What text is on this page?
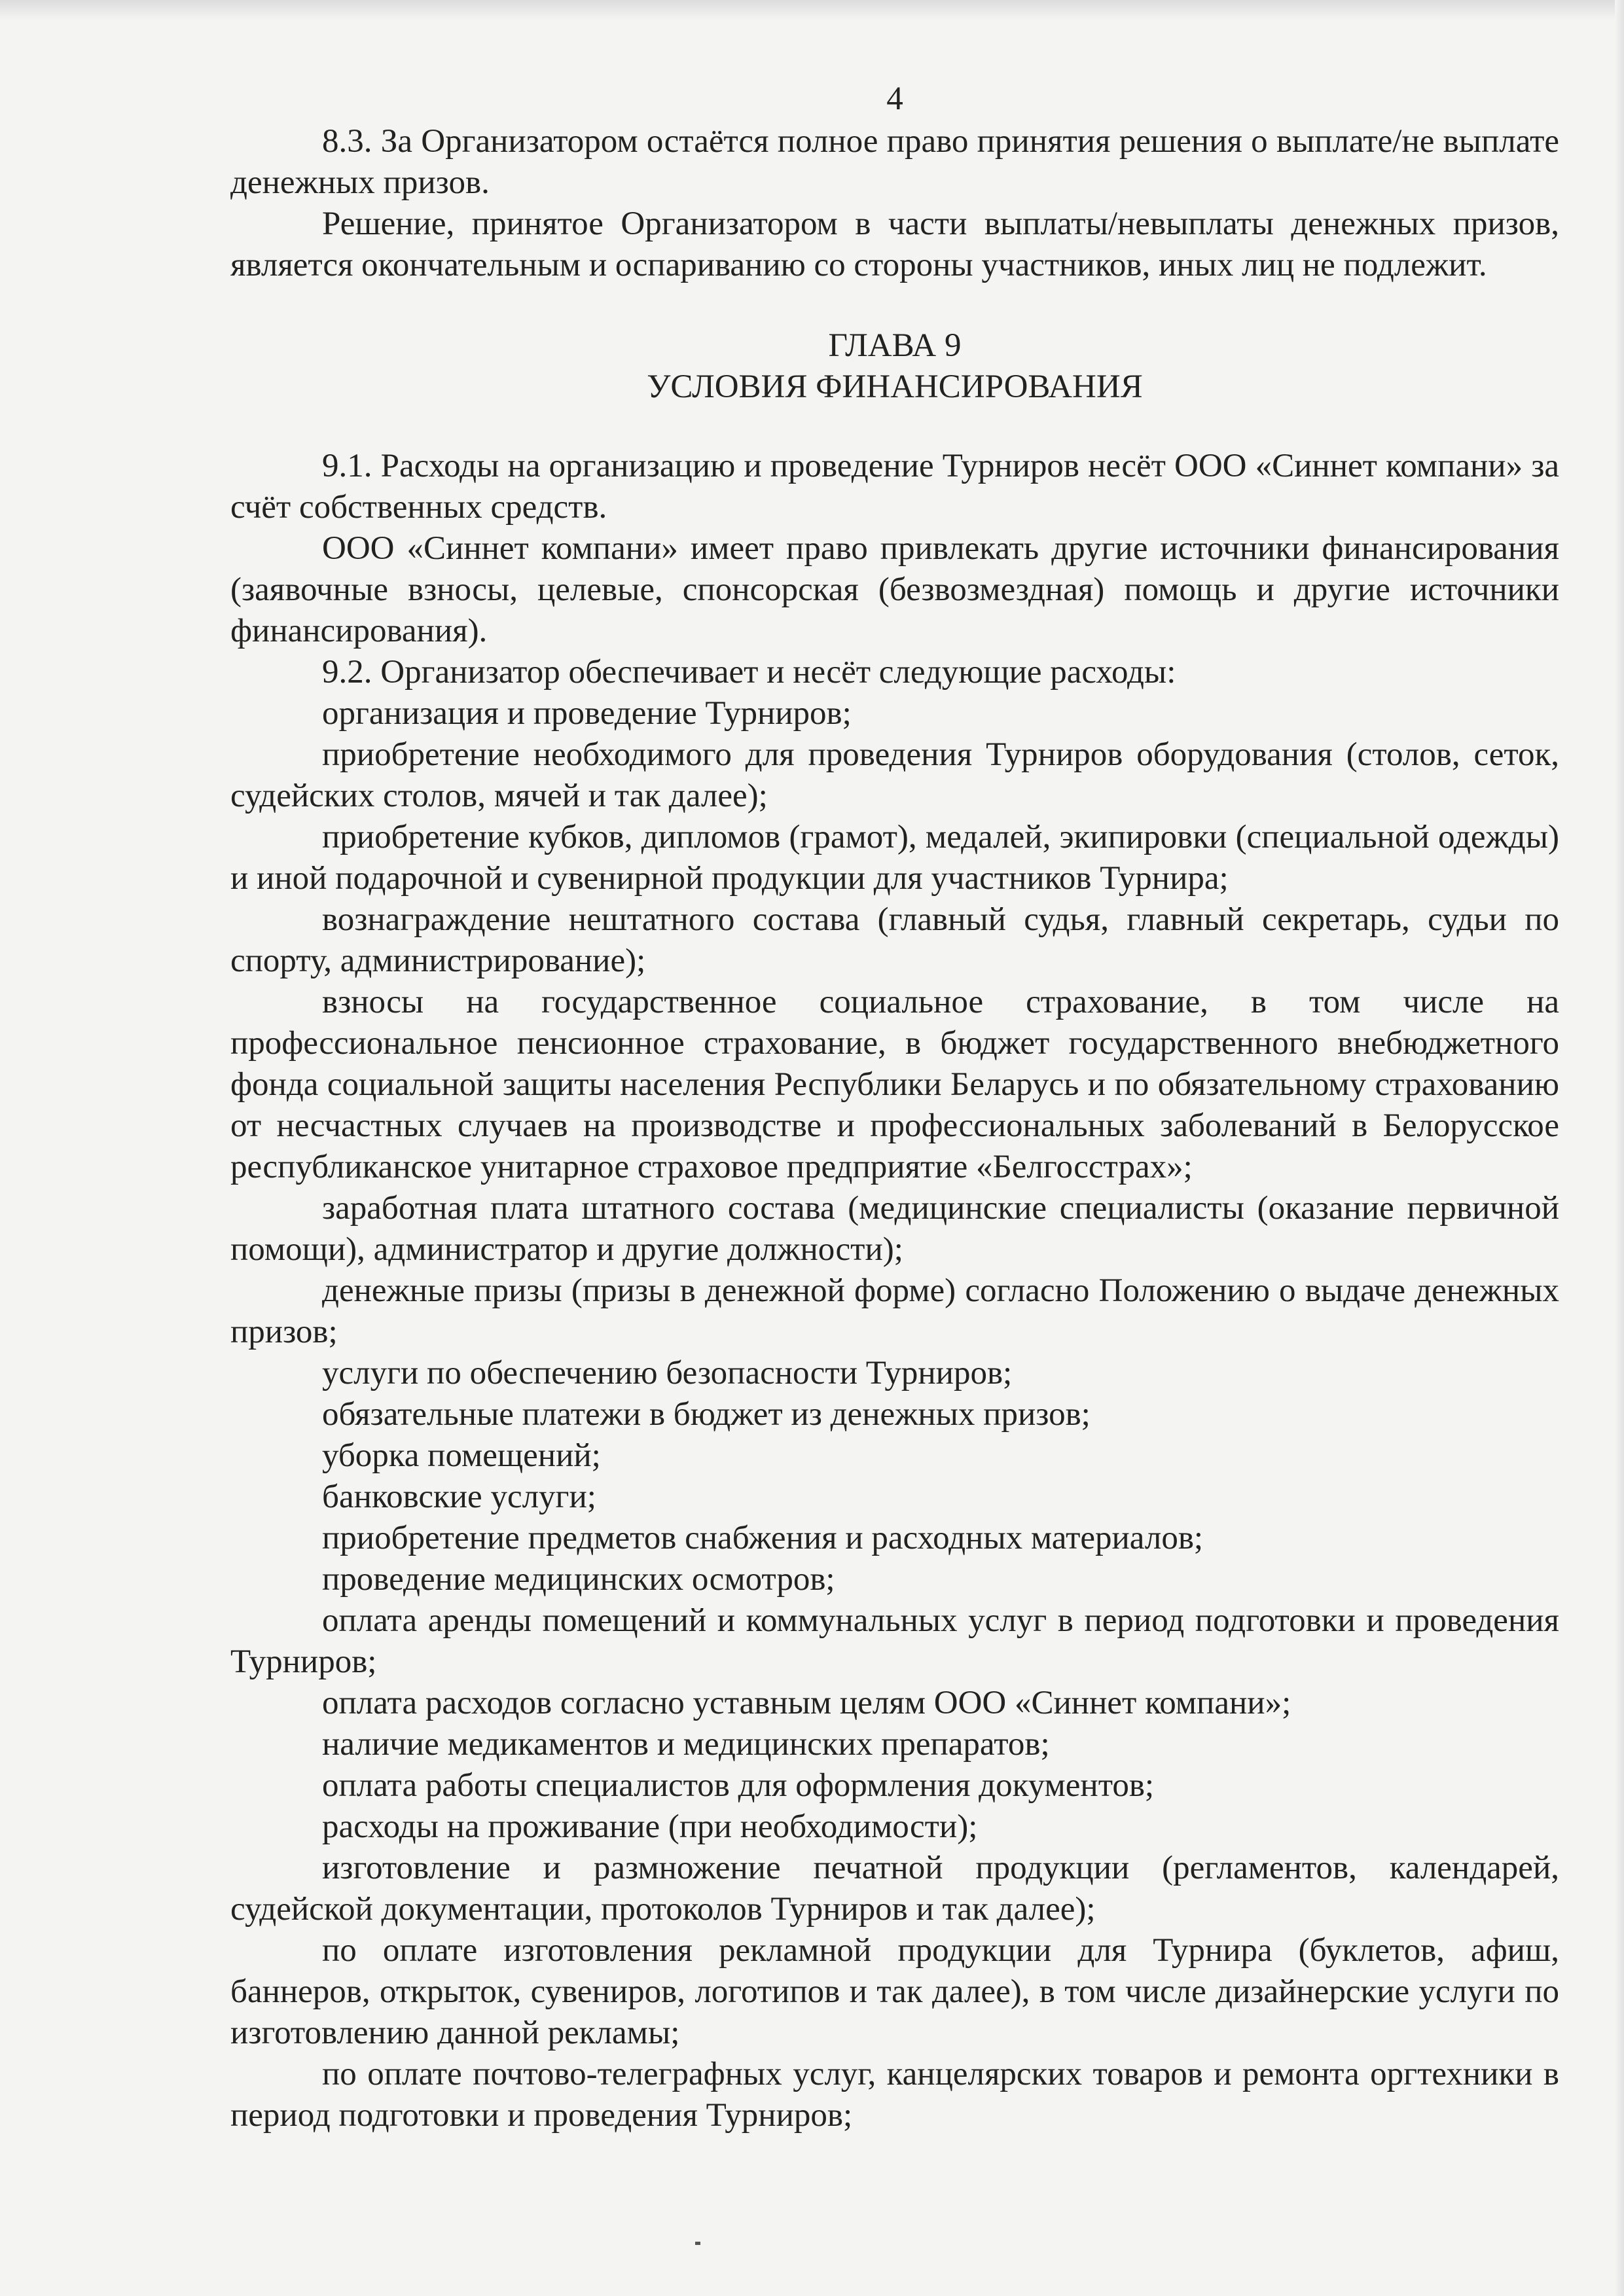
4

8.3. За Организатором остаётся полное право принятия решения о выплате/не выплате денежных призов.

Решение, принятое Организатором в части выплаты/невыплаты денежных призов, является окончательным и оспариванию со стороны участников, иных лиц не подлежит.

ГЛАВА 9
УСЛОВИЯ ФИНАНСИРОВАНИЯ

9.1. Расходы на организацию и проведение Турниров несёт ООО «Синнет компани» за счёт собственных средств.

ООО «Синнет компани» имеет право привлекать другие источники финансирования (заявочные взносы, целевые, спонсорская (безвозмездная) помощь и другие источники финансирования).

9.2. Организатор обеспечивает и несёт следующие расходы:

организация и проведение Турниров;

приобретение необходимого для проведения Турниров оборудования (столов, сеток, судейских столов, мячей и так далее);

приобретение кубков, дипломов (грамот), медалей, экипировки (специальной одежды) и иной подарочной и сувенирной продукции для участников Турнира;

вознаграждение нештатного состава (главный судья, главный секретарь, судьи по спорту, администрирование);

взносы на государственное социальное страхование, в том числе на профессиональное пенсионное страхование, в бюджет государственного внебюджетного фонда социальной защиты населения Республики Беларусь и по обязательному страхованию от несчастных случаев на производстве и профессиональных заболеваний в Белорусское республиканское унитарное страховое предприятие «Белгосстрах»;

заработная плата штатного состава (медицинские специалисты (оказание первичной помощи), администратор и другие должности);

денежные призы (призы в денежной форме) согласно Положению о выдаче денежных призов;

услуги по обеспечению безопасности Турниров;

обязательные платежи в бюджет из денежных призов;

уборка помещений;

банковские услуги;

приобретение предметов снабжения и расходных материалов;

проведение медицинских осмотров;

оплата аренды помещений и коммунальных услуг в период подготовки и проведения Турниров;

оплата расходов согласно уставным целям ООО «Синнет компани»;

наличие медикаментов и медицинских препаратов;

оплата работы специалистов для оформления документов;

расходы на проживание (при необходимости);

изготовление и размножение печатной продукции (регламентов, календарей, судейской документации, протоколов Турниров и так далее);

по оплате изготовления рекламной продукции для Турнира (буклетов, афиш, баннеров, открыток, сувениров, логотипов и так далее), в том числе дизайнерские услуги по изготовлению данной рекламы;

по оплате почтово-телеграфных услуг, канцелярских товаров и ремонта оргтехники в период подготовки и проведения Турниров;
